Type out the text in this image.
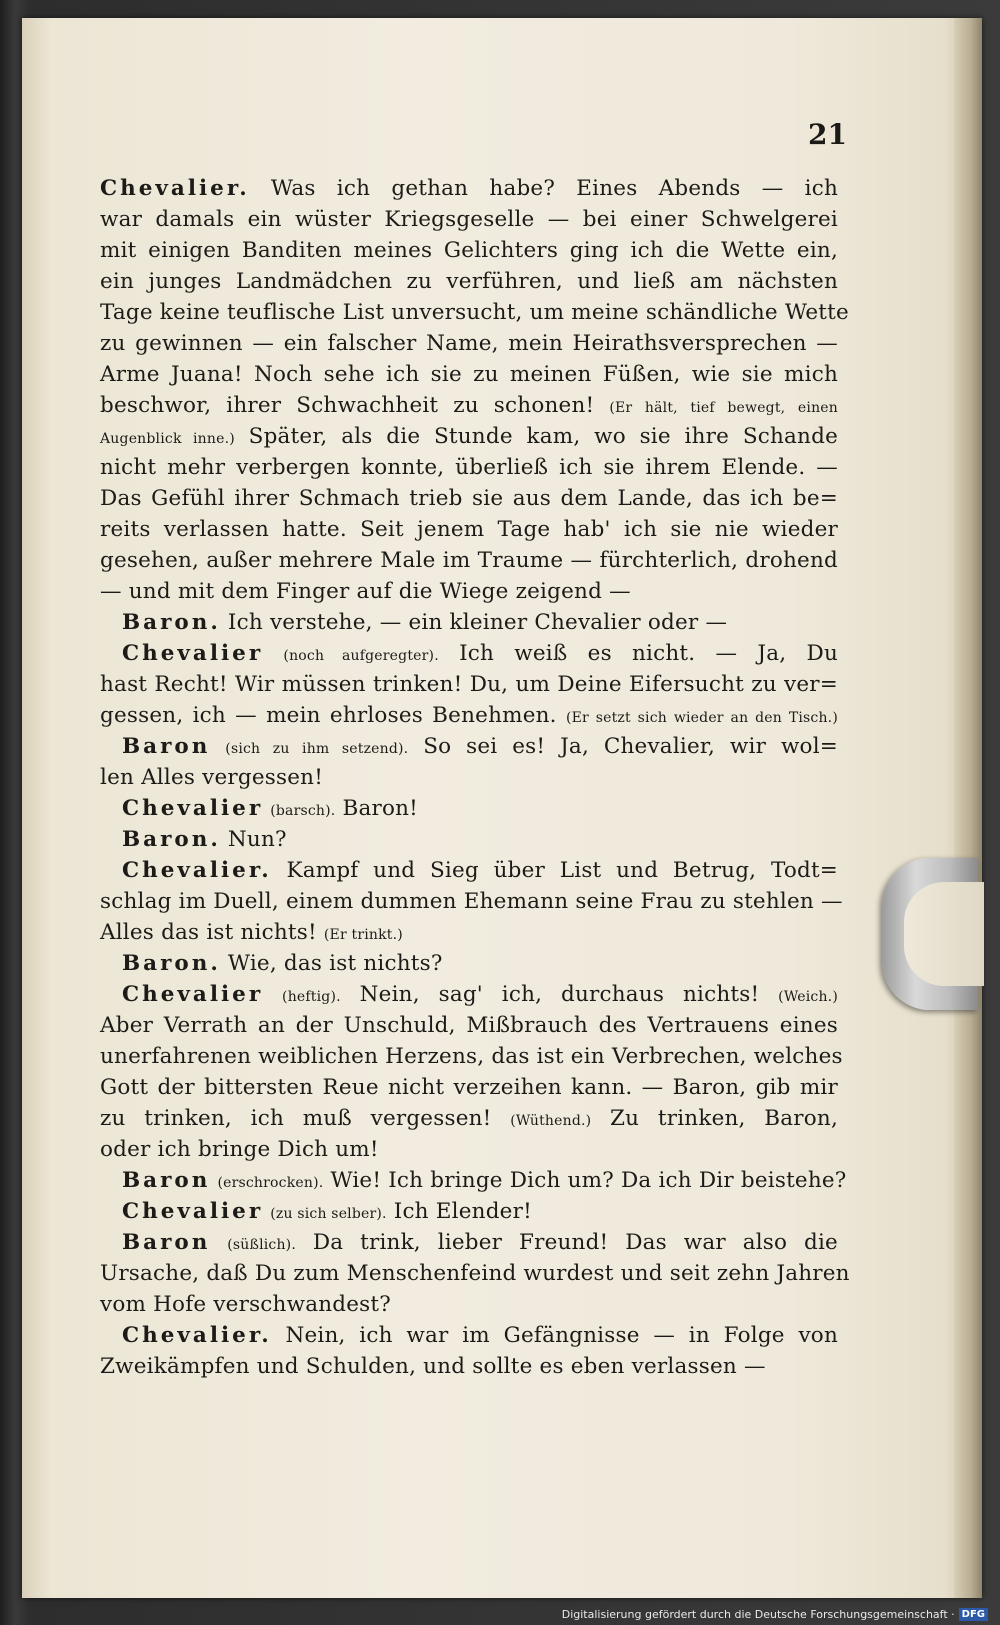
21
Chevalier. Was ich gethan habe? Eines Abends — ich
war damals ein wüster Kriegsgeselle — bei einer Schwelgerei
mit einigen Banditen meines Gelichters ging ich die Wette ein,
ein junges Landmädchen zu verführen, und ließ am nächsten
Tage keine teuflische List unversucht, um meine schändliche Wette
zu gewinnen — ein falscher Name, mein Heirathsversprechen —
Arme Juana! Noch sehe ich sie zu meinen Füßen, wie sie mich
beschwor, ihrer Schwachheit zu schonen! (Er hält, tief bewegt, einen
Augenblick inne.) Später, als die Stunde kam, wo sie ihre Schande
nicht mehr verbergen konnte, überließ ich sie ihrem Elende. —
Das Gefühl ihrer Schmach trieb sie aus dem Lande, das ich be=
reits verlassen hatte. Seit jenem Tage hab' ich sie nie wieder
gesehen, außer mehrere Male im Traume — fürchterlich, drohend
— und mit dem Finger auf die Wiege zeigend —
Baron. Ich verstehe, — ein kleiner Chevalier oder —
Chevalier (noch aufgeregter). Ich weiß es nicht. — Ja, Du
hast Recht! Wir müssen trinken! Du, um Deine Eifersucht zu ver=
gessen, ich — mein ehrloses Benehmen. (Er setzt sich wieder an den Tisch.)
Baron (sich zu ihm setzend). So sei es! Ja, Chevalier, wir wol=
len Alles vergessen!
Chevalier (barsch). Baron!
Baron. Nun?
Chevalier. Kampf und Sieg über List und Betrug, Todt=
schlag im Duell, einem dummen Ehemann seine Frau zu stehlen —
Alles das ist nichts! (Er trinkt.)
Baron. Wie, das ist nichts?
Chevalier (heftig). Nein, sag' ich, durchaus nichts! (Weich.)
Aber Verrath an der Unschuld, Mißbrauch des Vertrauens eines
unerfahrenen weiblichen Herzens, das ist ein Verbrechen, welches
Gott der bittersten Reue nicht verzeihen kann. — Baron, gib mir
zu trinken, ich muß vergessen! (Wüthend.) Zu trinken, Baron,
oder ich bringe Dich um!
Baron (erschrocken). Wie! Ich bringe Dich um? Da ich Dir beistehe?
Chevalier (zu sich selber). Ich Elender!
Baron (süßlich). Da trink, lieber Freund! Das war also die
Ursache, daß Du zum Menschenfeind wurdest und seit zehn Jahren
vom Hofe verschwandest?
Chevalier. Nein, ich war im Gefängnisse — in Folge von
Zweikämpfen und Schulden, und sollte es eben verlassen —
Digitalisierung gefördert durch die Deutsche Forschungsgemeinschaft · DFG
